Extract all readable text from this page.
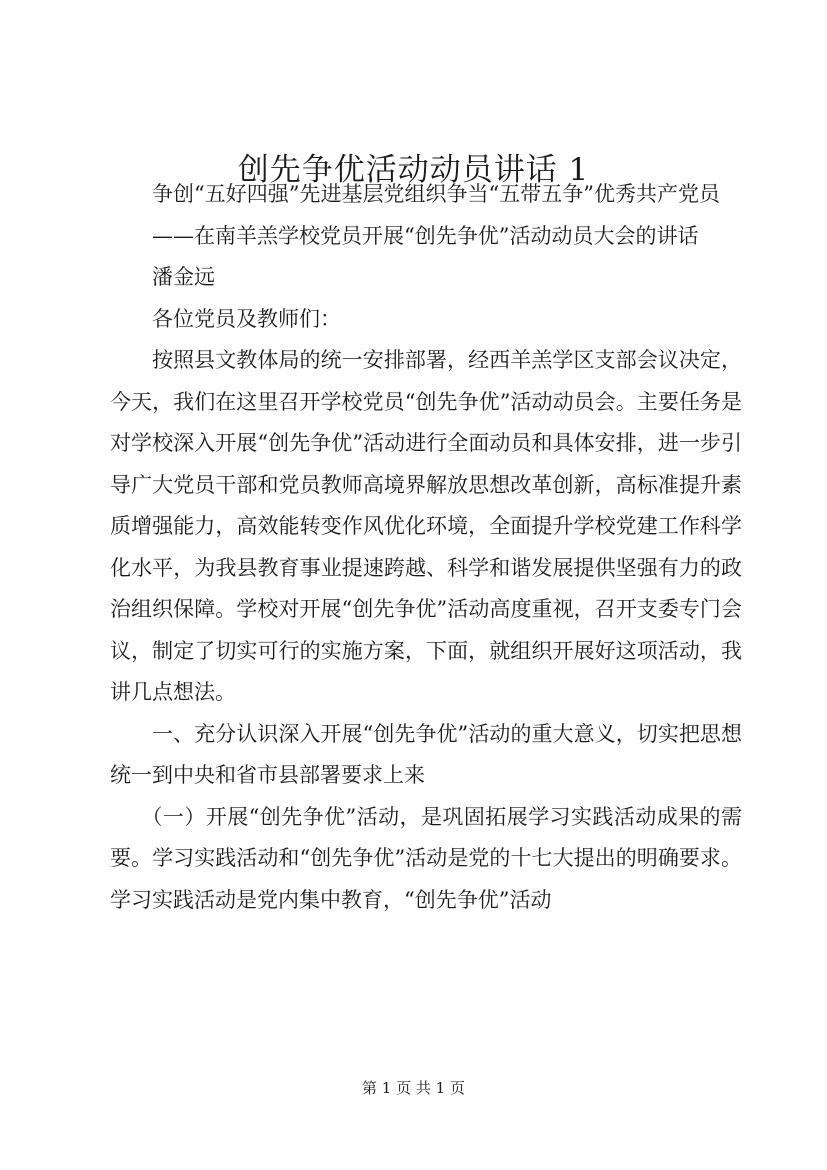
创先争优活动动员讲话 1

争创“五好四强”先进基层党组织争当“五带五争”优秀共产党员

——在南羊羔学校党员开展“创先争优”活动动员大会的讲话

潘金远

各位党员及教师们：

按照县文教体局的统一安排部署，经西羊羔学区支部会议决定，今天，我们在这里召开学校党员“创先争优”活动动员会。主要任务是对学校深入开展“创先争优”活动进行全面动员和具体安排，进一步引导广大党员干部和党员教师高境界解放思想改革创新，高标准提升素质增强能力，高效能转变作风优化环境，全面提升学校党建工作科学化水平，为我县教育事业提速跨越、科学和谐发展提供坚强有力的政治组织保障。学校对开展“创先争优”活动高度重视，召开支委专门会议，制定了切实可行的实施方案，下面，就组织开展好这项活动，我讲几点想法。

一、充分认识深入开展“创先争优”活动的重大意义，切实把思想统一到中央和省市县部署要求上来

（一）开展“创先争优”活动，是巩固拓展学习实践活动成果的需要。学习实践活动和“创先争优”活动是党的十七大提出的明确要求。学习实践活动是党内集中教育，“创先争优”活动

第 1 页 共 1 页
